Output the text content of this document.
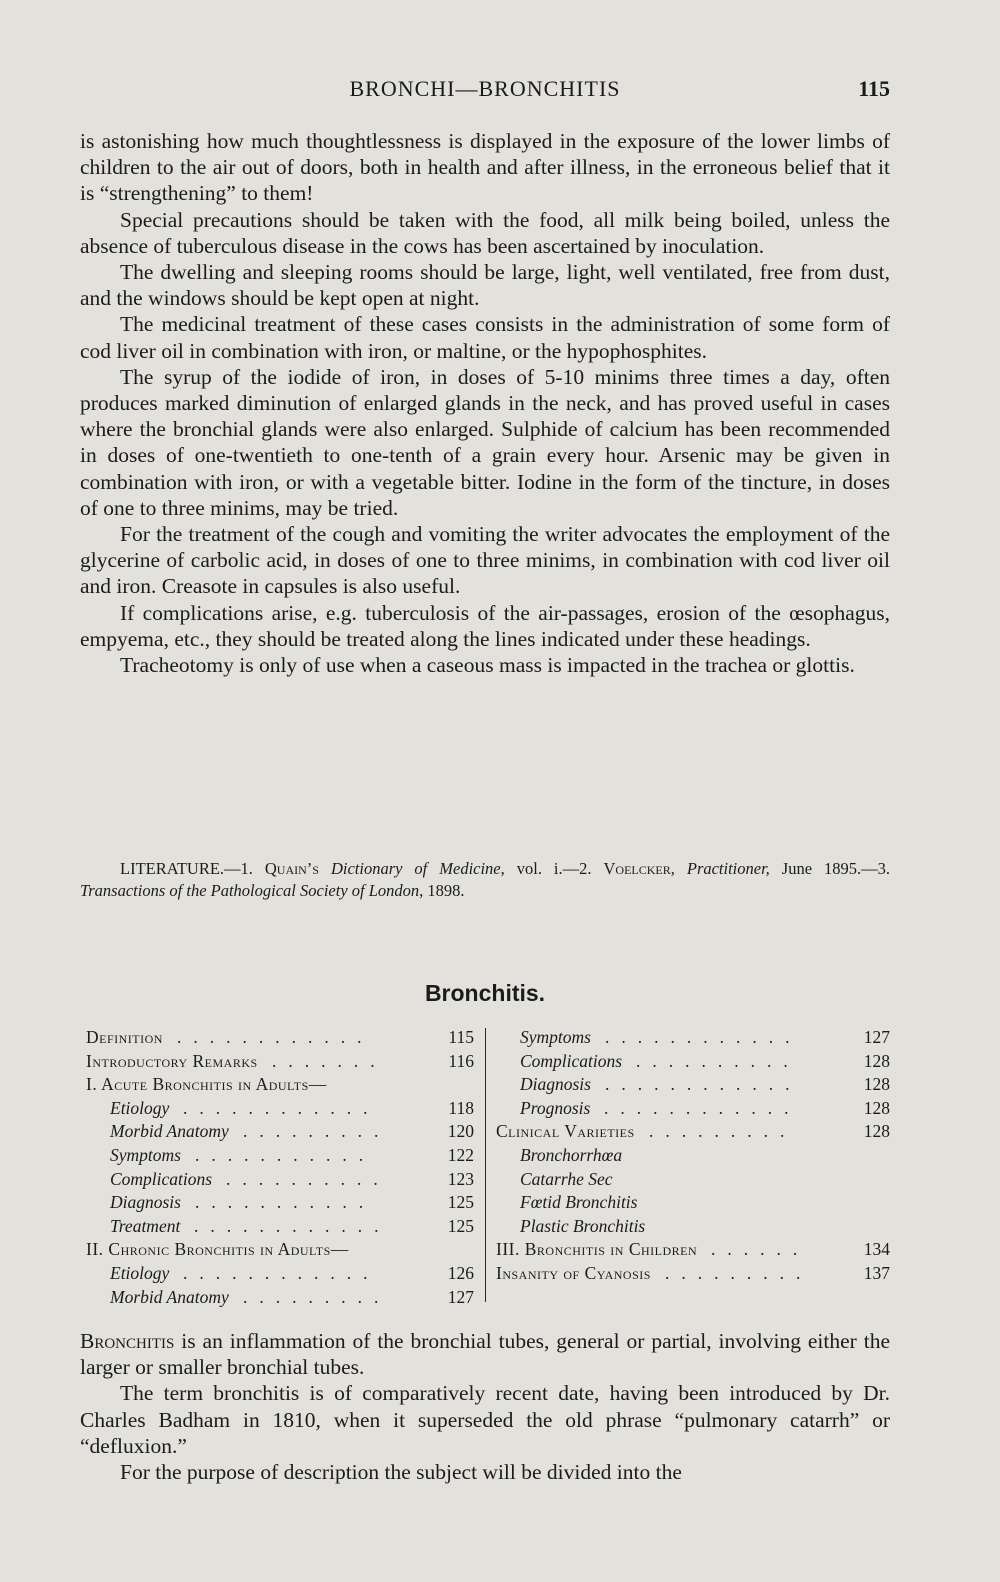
BRONCHI—BRONCHITIS	115

is astonishing how much thoughtlessness is displayed in the exposure of the lower limbs of children to the air out of doors, both in health and after illness, in the erroneous belief that it is “strengthening” to them!

Special precautions should be taken with the food, all milk being boiled, unless the absence of tuberculous disease in the cows has been ascertained by inoculation.

The dwelling and sleeping rooms should be large, light, well ventilated, free from dust, and the windows should be kept open at night.

The medicinal treatment of these cases consists in the administration of some form of cod liver oil in combination with iron, or maltine, or the hypophosphites.

The syrup of the iodide of iron, in doses of 5-10 minims three times a day, often produces marked diminution of enlarged glands in the neck, and has proved useful in cases where the bronchial glands were also enlarged. Sulphide of calcium has been recommended in doses of one-twentieth to one-tenth of a grain every hour. Arsenic may be given in combination with iron, or with a vegetable bitter. Iodine in the form of the tincture, in doses of one to three minims, may be tried.

For the treatment of the cough and vomiting the writer advocates the employment of the glycerine of carbolic acid, in doses of one to three minims, in combination with cod liver oil and iron. Creasote in capsules is also useful.

If complications arise, e.g. tuberculosis of the air-passages, erosion of the œsophagus, empyema, etc., they should be treated along the lines indicated under these headings.

Tracheotomy is only of use when a caseous mass is impacted in the trachea or glottis.

LITERATURE.—1. Quain’s Dictionary of Medicine, vol. i.—2. Voelcker, Practitioner, June 1895.—3. Transactions of the Pathological Society of London, 1898.
Bronchitis.
Definition ............	115
Introductory Remarks .......	116
I. Acute Bronchitis in Adults—
Etiology ............	118
Morbid Anatomy .........	120
Symptoms ...........	122
Complications ..........	123
Diagnosis ...........	125
Treatment ............	125
II. Chronic Bronchitis in Adults—
Etiology ............	126
Morbid Anatomy .........	127
Symptoms ............	127
Complications ..........	128
Diagnosis ............	128
Prognosis ............	128
Clinical Varieties .........	128
Bronchorrhœa
Catarrhe Sec
Fœtid Bronchitis
Plastic Bronchitis
III. Bronchitis in Children ......	134
Insanity of Cyanosis .........	137

Bronchitis is an inflammation of the bronchial tubes, general or partial, involving either the larger or smaller bronchial tubes.

The term bronchitis is of comparatively recent date, having been introduced by Dr. Charles Badham in 1810, when it superseded the old phrase “pulmonary catarrh” or “defluxion.”

For the purpose of description the subject will be divided into the
